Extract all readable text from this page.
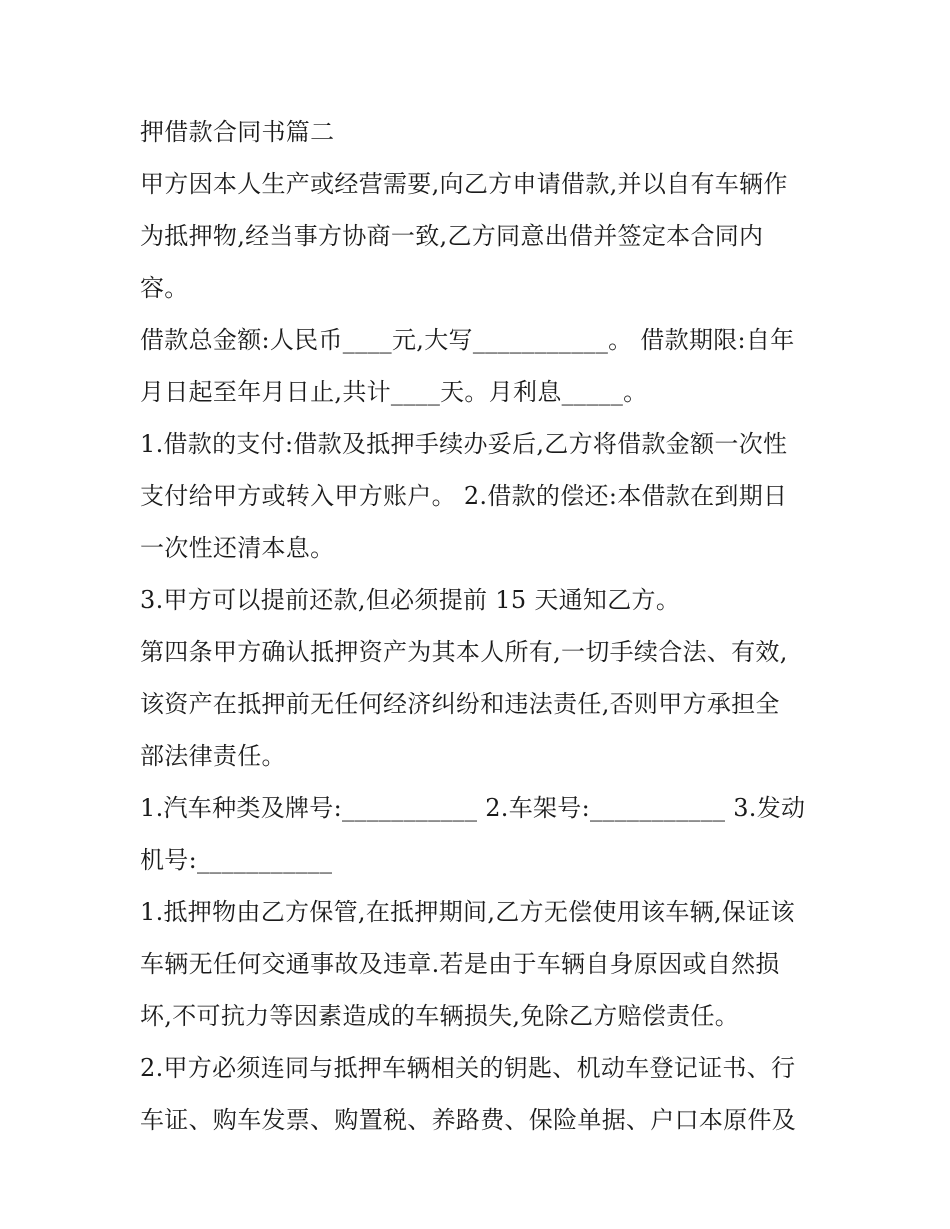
押借款合同书篇二

甲方因本人生产或经营需要,向乙方申请借款,并以自有车辆作

为抵押物,经当事方协商一致,乙方同意出借并签定本合同内

容。

借款总金额:人民币____元,大写___________。 借款期限:自年

月日起至年月日止,共计____天。月利息_____。

1.借款的支付:借款及抵押手续办妥后,乙方将借款金额一次性

支付给甲方或转入甲方账户。 2.借款的偿还:本借款在到期日

一次性还清本息。

3.甲方可以提前还款,但必须提前 15 天通知乙方。

第四条甲方确认抵押资产为其本人所有,一切手续合法、有效,

该资产在抵押前无任何经济纠纷和违法责任,否则甲方承担全

部法律责任。

1.汽车种类及牌号:___________ 2.车架号:___________ 3.发动

机号:___________

1.抵押物由乙方保管,在抵押期间,乙方无偿使用该车辆,保证该

车辆无任何交通事故及违章.若是由于车辆自身原因或自然损

坏,不可抗力等因素造成的车辆损失,免除乙方赔偿责任。

2.甲方必须连同与抵押车辆相关的钥匙、机动车登记证书、行

车证、购车发票、购置税、养路费、保险单据、户口本原件及
